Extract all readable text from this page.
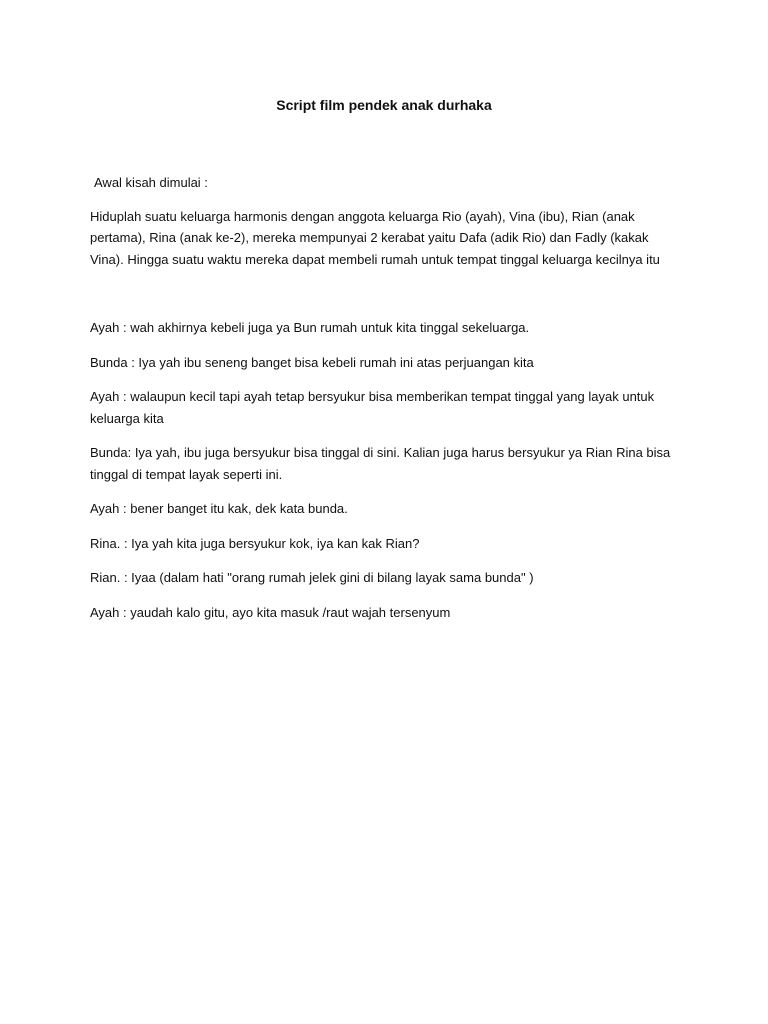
Script film pendek anak durhaka

Awal kisah dimulai :

Hiduplah suatu keluarga harmonis dengan anggota keluarga Rio (ayah), Vina (ibu), Rian (anak pertama), Rina (anak ke-2), mereka mempunyai 2 kerabat yaitu Dafa (adik Rio) dan Fadly (kakak Vina). Hingga suatu waktu mereka dapat membeli rumah untuk tempat tinggal keluarga kecilnya itu

Ayah : wah akhirnya kebeli juga ya Bun rumah untuk kita tinggal sekeluarga.

Bunda : Iya yah ibu seneng banget bisa kebeli rumah ini atas perjuangan kita

Ayah : walaupun kecil tapi ayah tetap bersyukur bisa memberikan tempat tinggal yang layak untuk keluarga kita

Bunda: Iya yah, ibu juga bersyukur bisa tinggal di sini. Kalian juga harus bersyukur ya Rian Rina bisa tinggal di tempat layak seperti ini.

Ayah : bener banget itu kak, dek kata bunda.

Rina. : Iya yah kita juga bersyukur kok, iya kan kak Rian?

Rian. : Iyaa (dalam hati "orang rumah jelek gini di bilang layak sama bunda" )

Ayah : yaudah kalo gitu, ayo kita masuk /raut wajah tersenyum
